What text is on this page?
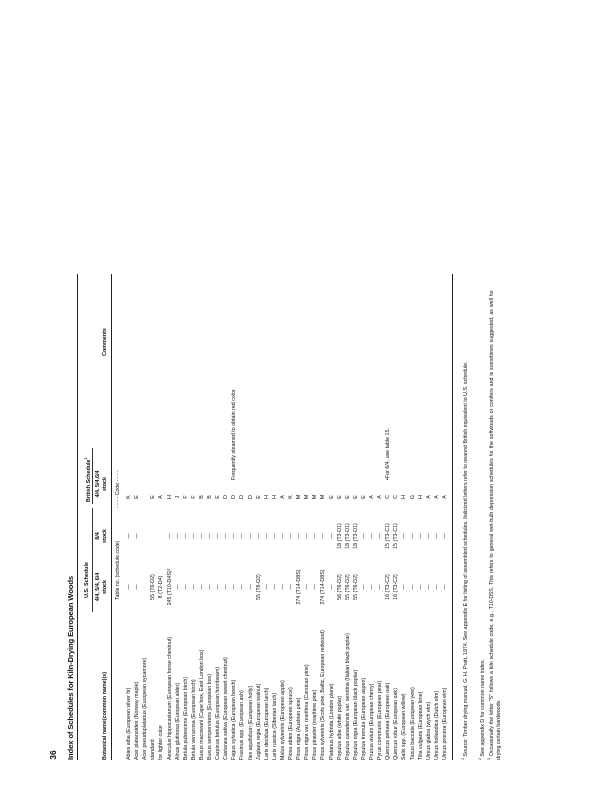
36 Index of Schedules for Kiln-Drying European Woods U.S. Schedule
British Schedule$^1$
4/4, 5/4, 6/4 stock
8/4 stock
4/4, 5/4,6/4 stock
Botanical name(common name)(s)
Comments
Table no. (schedule code)
- - - - Code - - - -
Abies alba (European silver fir)
—
—
K
Acer platanoides (Norway maple)
—
—
E
Acer pseudoplatanus (European sycamore) standard
55 (T6-D2)
E
for lighter color
8 (T2-D4)
A
Aesculus hippocastanum (European horse chestnut)
245 (T10-D4S)²
—
H
Alnus glutinosa (European alder)
—
—
J
Betula pubescens (European birch)
—
—
F
Betula verrucosa (European birch)
—
—
F
Buxus macowani (Cape box, East London box)
—
—
B
Buxus sempervirens (European box)
—
—
B
Carpinus betulus (European hornbeam)
—
—
E
Castanea sativa (European sweet chestnut)
—
—
D
Fagus sylvatica (European beech)
—
—
D
Frequently steamed to obtain red color.
Fraxinus spp. (European ash)
—
—
D
Ilex aquifolium (European holly)
—
—
D
Juglans regia (European walnut)
55 (T6-D2)
—
E
Larix decidua (European larch)
—
—
H
Larix russica (Siberian larch)
—
—
H
Malus sylvestris (European apple)
—
—
A
Picea abies (European spruce)
—
—
K
Pinus nigra (Austrian pine)
274 (T14-D8S)
—
M
Pinus nigra var. maritima (Corsican pine)
—
—
M
Pinus pinaster (maritime pine)
—
—
M
Pinus sylvestris (Scots pine, Baltic, European redwood)
274 (T14-D8S)
—
M
Platanus hybrida (London plane)
—
—
E
Populus alba (white poplar)
56 (T6-D2)
18 (T3-D1)
E
Populus canadensis var. serotina (Italian black poplar)
55 (T6-D2)
18 (T3-D1)
E
Populus nigra (European black poplar)
55 (T6-D2)
18 (T3-D1)
E
Populus tremula (European aspen)
—
—
E
Prunus avium (European cherry)
—
—
A
Pyrus communis (European pear)
—
—
A
Quercus petraea (European oak)
16 (T3-C2)
15 (T3-C1)
C
•For 6/4, use table 15.
Quercus robur (European oak)
16 (T3-C2)
15 (T3-C1)
C
Salix spp. (European willow)
—
—
H
Taxus baccata (European yew)
—
—
G
Tilia vulgaris (European lime)
—
—
H
Ulmus glabra (wych elm)
—
—
A
Ulmus hollandica (Dutch elm)
—
—
A
Ulmus procera (European elm)
—
—
A
$^1$ Source: Timber drying manual, G. H. Pratt, 1974. See appendix E for listing of assembled schedules. Italicized letters refer to nearest British equivalent to U.S. schedule.
$^2$ See appendix D for common name index.
$^3$ Occasionally the letter "S" follows a kiln schedule code, e.g., T10-D5S. This refers to general wet-bulb depression schedules for the softwoods or conifers and is sometimes suggested, as well for drying certain hardwoods.
